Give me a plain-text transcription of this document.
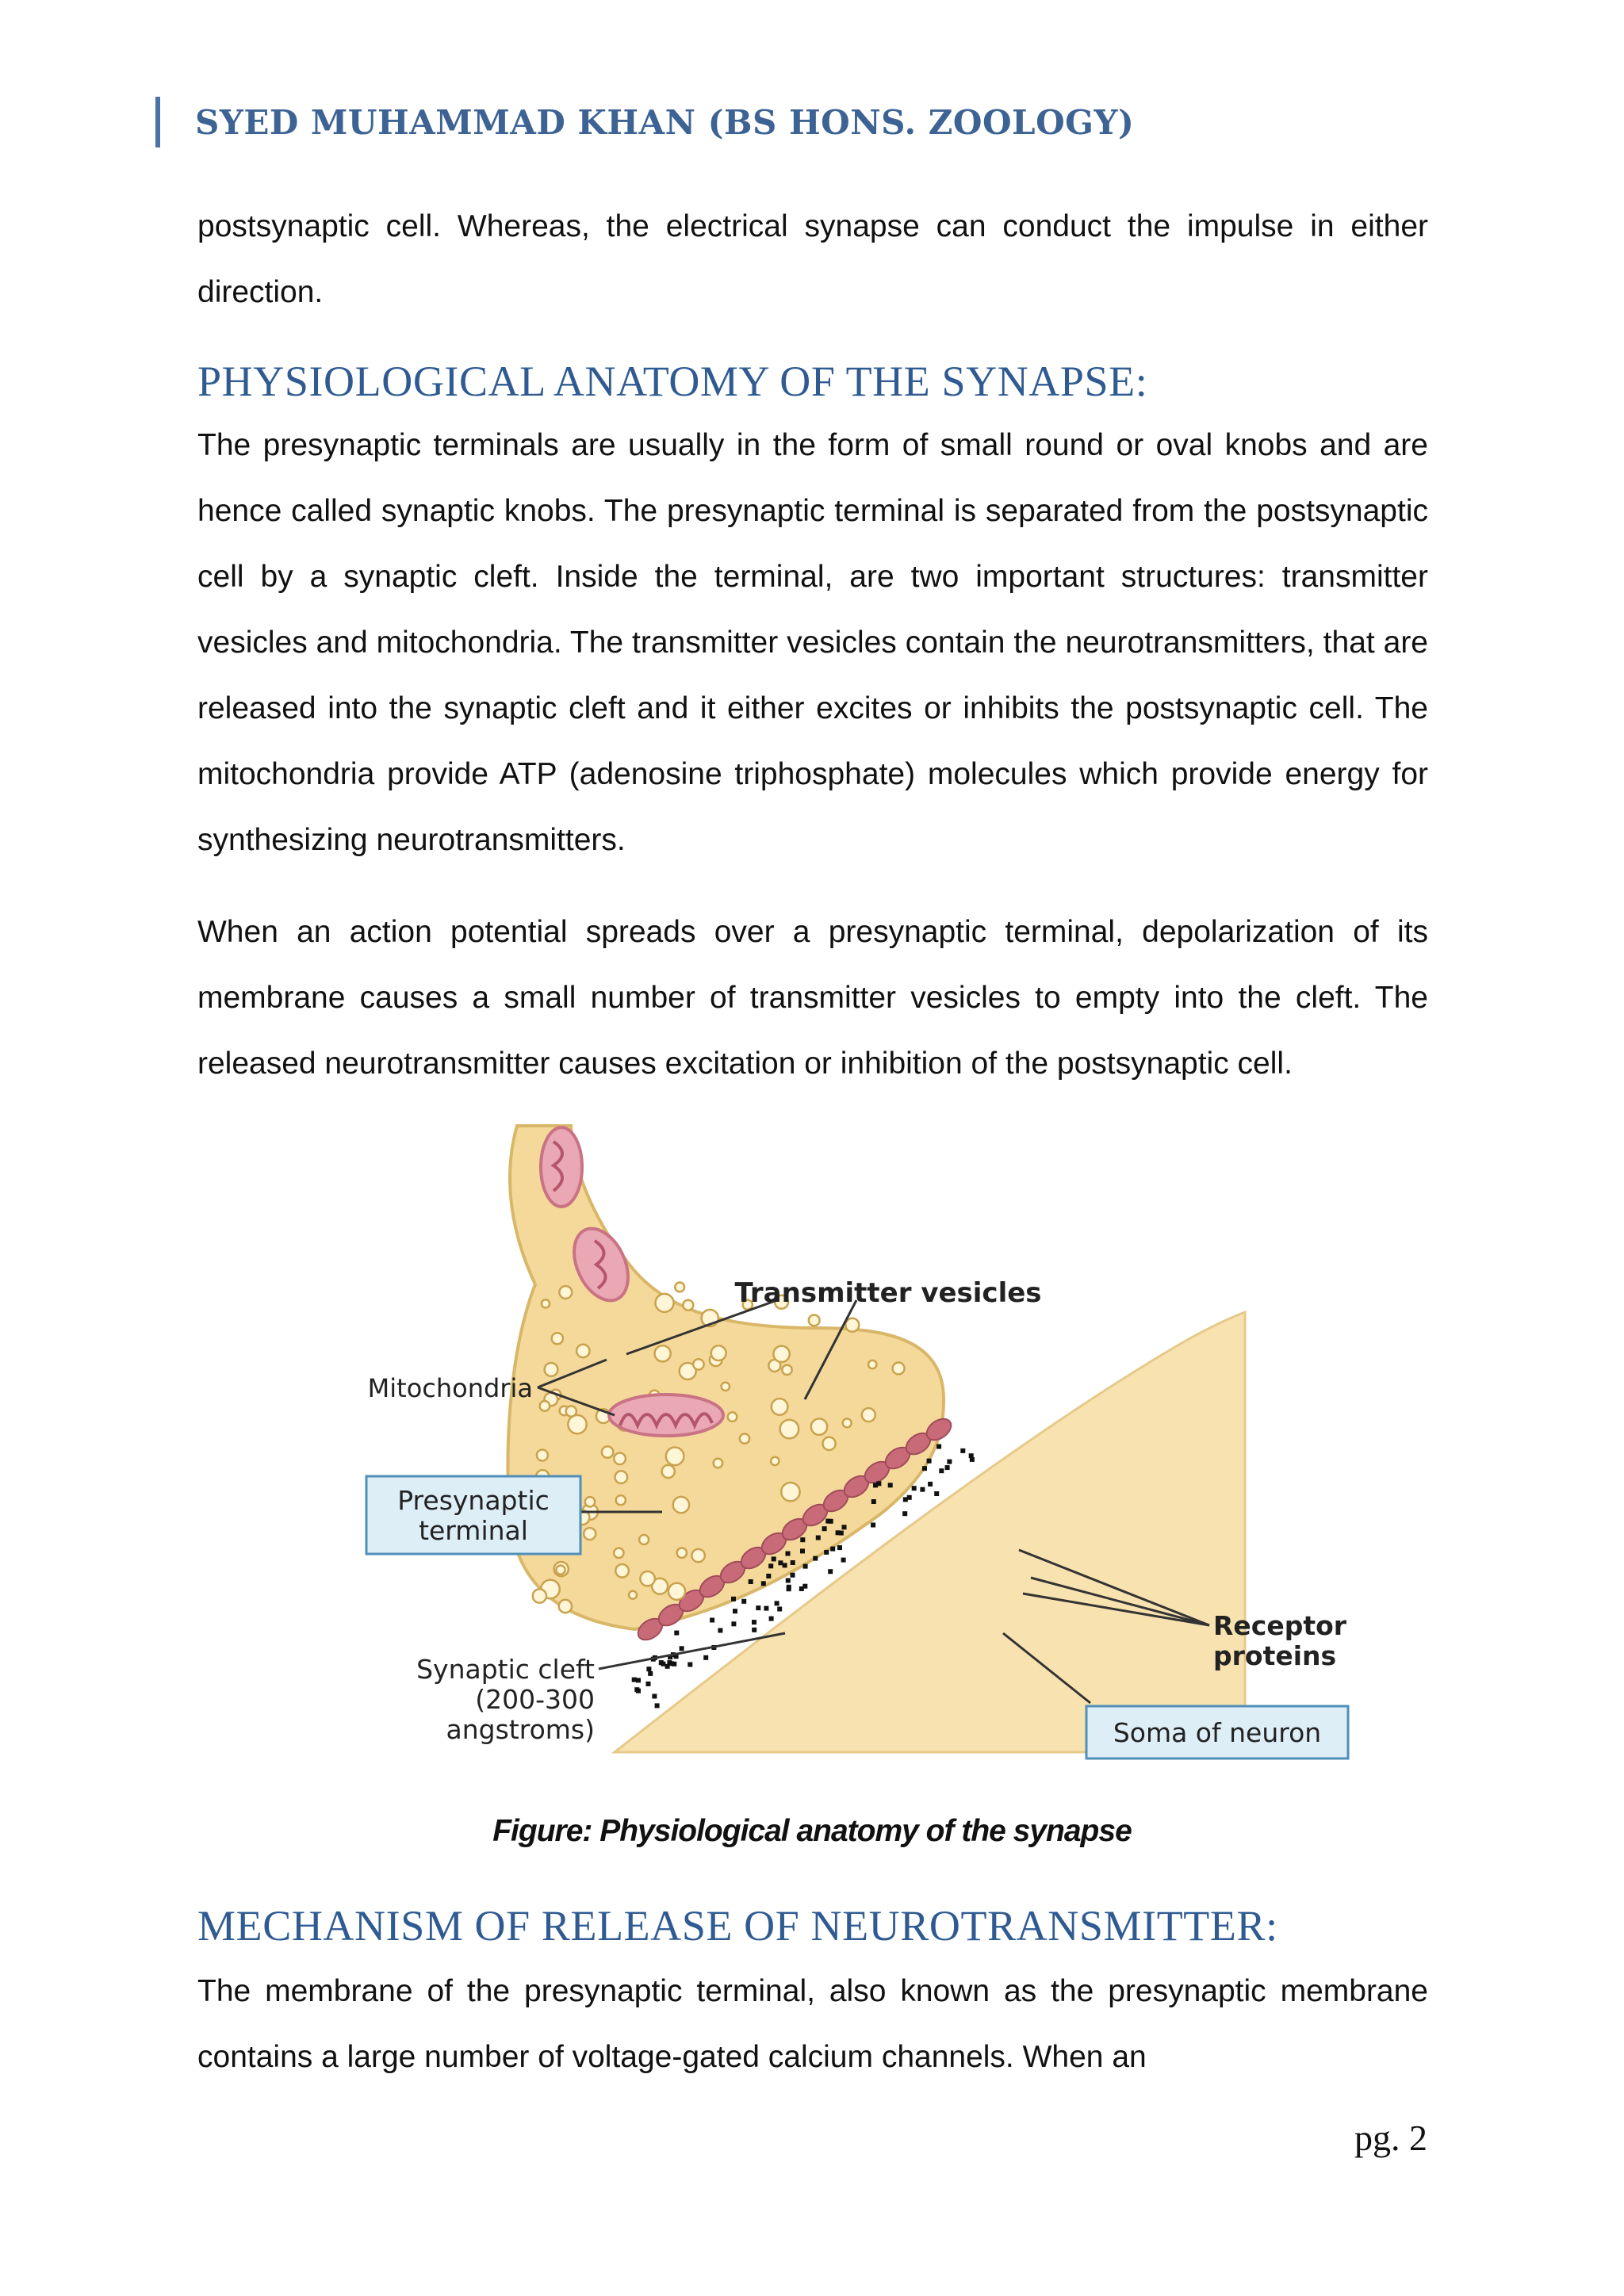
SYED MUHAMMAD KHAN (BS HONS. ZOOLOGY)

postsynaptic cell. Whereas, the electrical synapse can conduct the impulse in either direction.

PHYSIOLOGICAL ANATOMY OF THE SYNAPSE:

The presynaptic terminals are usually in the form of small round or oval knobs and are hence called synaptic knobs. The presynaptic terminal is separated from the postsynaptic cell by a synaptic cleft. Inside the terminal, are two important structures: transmitter vesicles and mitochondria. The transmitter vesicles contain the neurotransmitters, that are released into the synaptic cleft and it either excites or inhibits the postsynaptic cell. The mitochondria provide ATP (adenosine triphosphate) molecules which provide energy for synthesizing neurotransmitters.

When an action potential spreads over a presynaptic terminal, depolarization of its membrane causes a small number of transmitter vesicles to empty into the cleft. The released neurotransmitter causes excitation or inhibition of the postsynaptic cell.

Transmitter vesicles
Mitochondria
Presynaptic
terminal
Receptor
proteins
Synaptic cleft
(200-300
angstroms)	Soma of neuron
Figure: Physiological anatomy of the synapse
MECHANISM OF RELEASE OF NEUROTRANSMITTER:

The membrane of the presynaptic terminal, also known as the presynaptic membrane contains a large number of voltage-gated calcium channels. When an

pg. 2
